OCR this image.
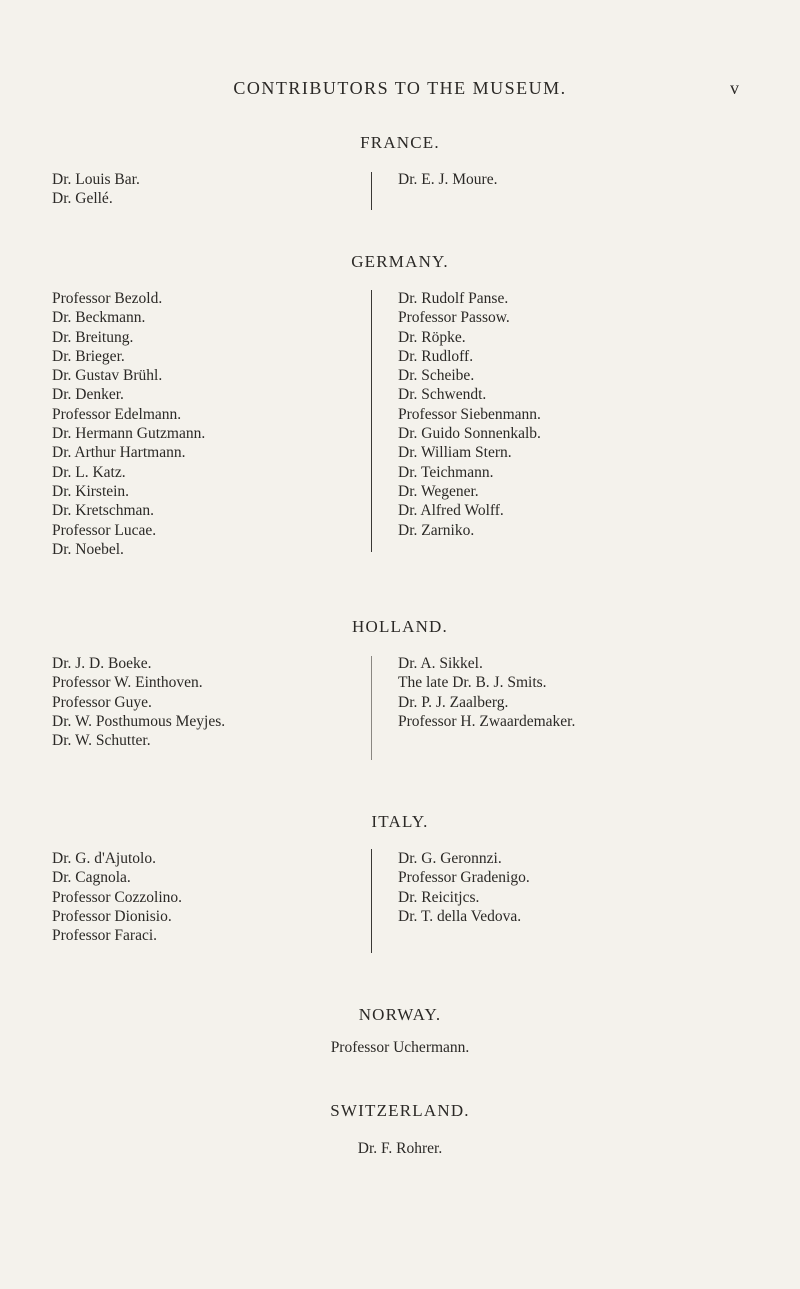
CONTRIBUTORS TO THE MUSEUM.	v
FRANCE.
Dr. Louis Bar.
Dr. Gellé.
Dr. E. J. Moure.
GERMANY.
Professor Bezold.
Dr. Beckmann.
Dr. Breitung.
Dr. Brieger.
Dr. Gustav Brühl.
Dr. Denker.
Professor Edelmann.
Dr. Hermann Gutzmann.
Dr. Arthur Hartmann.
Dr. L. Katz.
Dr. Kirstein.
Dr. Kretschman.
Professor Lucae.
Dr. Noebel.
Dr. Rudolf Panse.
Professor Passow.
Dr. Röpke.
Dr. Rudloff.
Dr. Scheibe.
Dr. Schwendt.
Professor Siebenmann.
Dr. Guido Sonnenkalb.
Dr. William Stern.
Dr. Teichmann.
Dr. Wegener.
Dr. Alfred Wolff.
Dr. Zarniko.
HOLLAND.
Dr. J. D. Boeke.
Professor W. Einthoven.
Professor Guye.
Dr. W. Posthumous Meyjes.
Dr. W. Schutter.
Dr. A. Sikkel.
The late Dr. B. J. Smits.
Dr. P. J. Zaalberg.
Professor H. Zwaardemaker.
ITALY.
Dr. G. d'Ajutolo.
Dr. Cagnola.
Professor Cozzolino.
Professor Dionisio.
Professor Faraci.
Dr. G. Geronnzi.
Professor Gradenigo.
Dr. Reicitjcs.
Dr. T. della Vedova.
NORWAY.
Professor Uchermann.
SWITZERLAND.
Dr. F. Rohrer.
